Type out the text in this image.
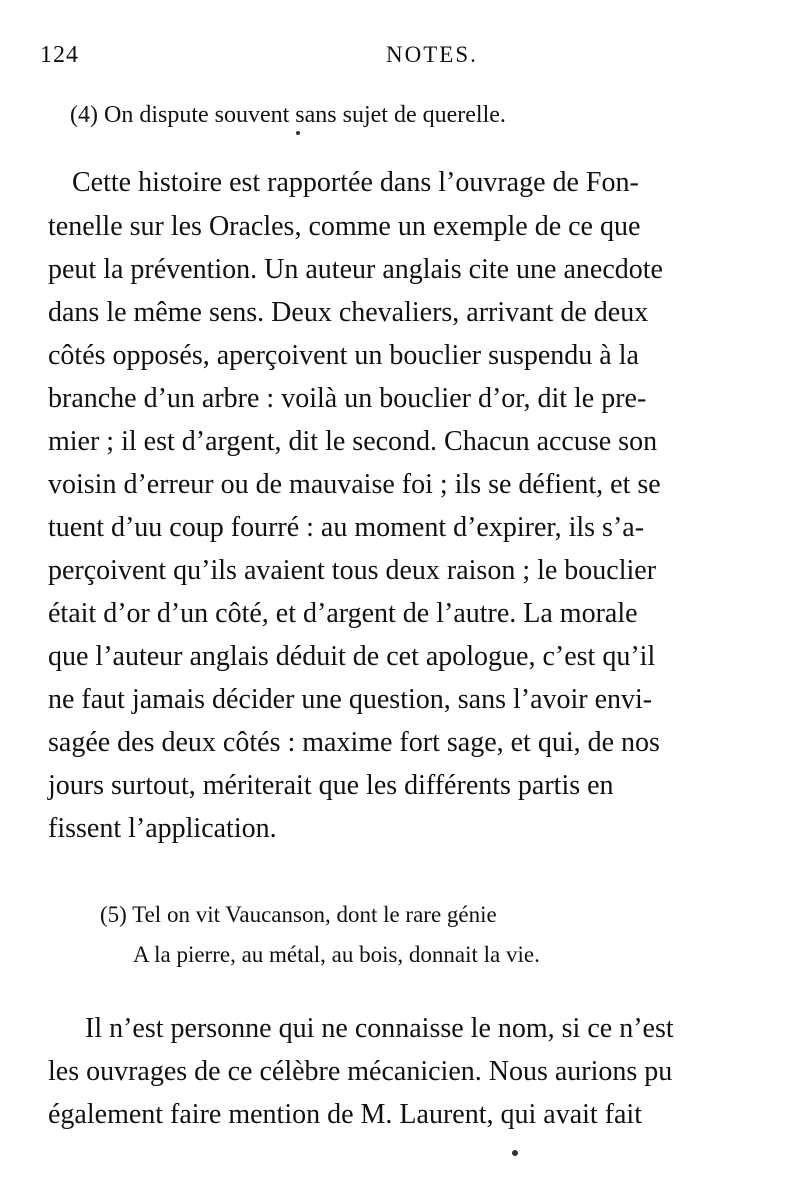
124	NOTES.
(4) On dispute souvent sans sujet de querelle.
Cette histoire est rapportée dans l’ouvrage de Fon-
tenelle sur les Oracles, comme un exemple de ce que
peut la prévention. Un auteur anglais cite une anecdote
dans le même sens. Deux chevaliers, arrivant de deux
côtés opposés, aperçoivent un bouclier suspendu à la
branche d’un arbre : voilà un bouclier d’or, dit le pre-
mier ; il est d’argent, dit le second. Chacun accuse son
voisin d’erreur ou de mauvaise foi ; ils se défient, et se
tuent d’uu coup fourré : au moment d’expirer, ils s’a-
perçoivent qu’ils avaient tous deux raison ; le bouclier
était d’or d’un côté, et d’argent de l’autre. La morale
que l’auteur anglais déduit de cet apologue, c’est qu’il
ne faut jamais décider une question, sans l’avoir envi-
sagée des deux côtés : maxime fort sage, et qui, de nos
jours surtout, mériterait que les différents partis en
fissent l’application.
(5) Tel on vit Vaucanson, dont le rare génie
A la pierre, au métal, au bois, donnait la vie.
Il n’est personne qui ne connaisse le nom, si ce n’est
les ouvrages de ce célèbre mécanicien. Nous aurions pu
également faire mention de M. Laurent, qui avait fait
